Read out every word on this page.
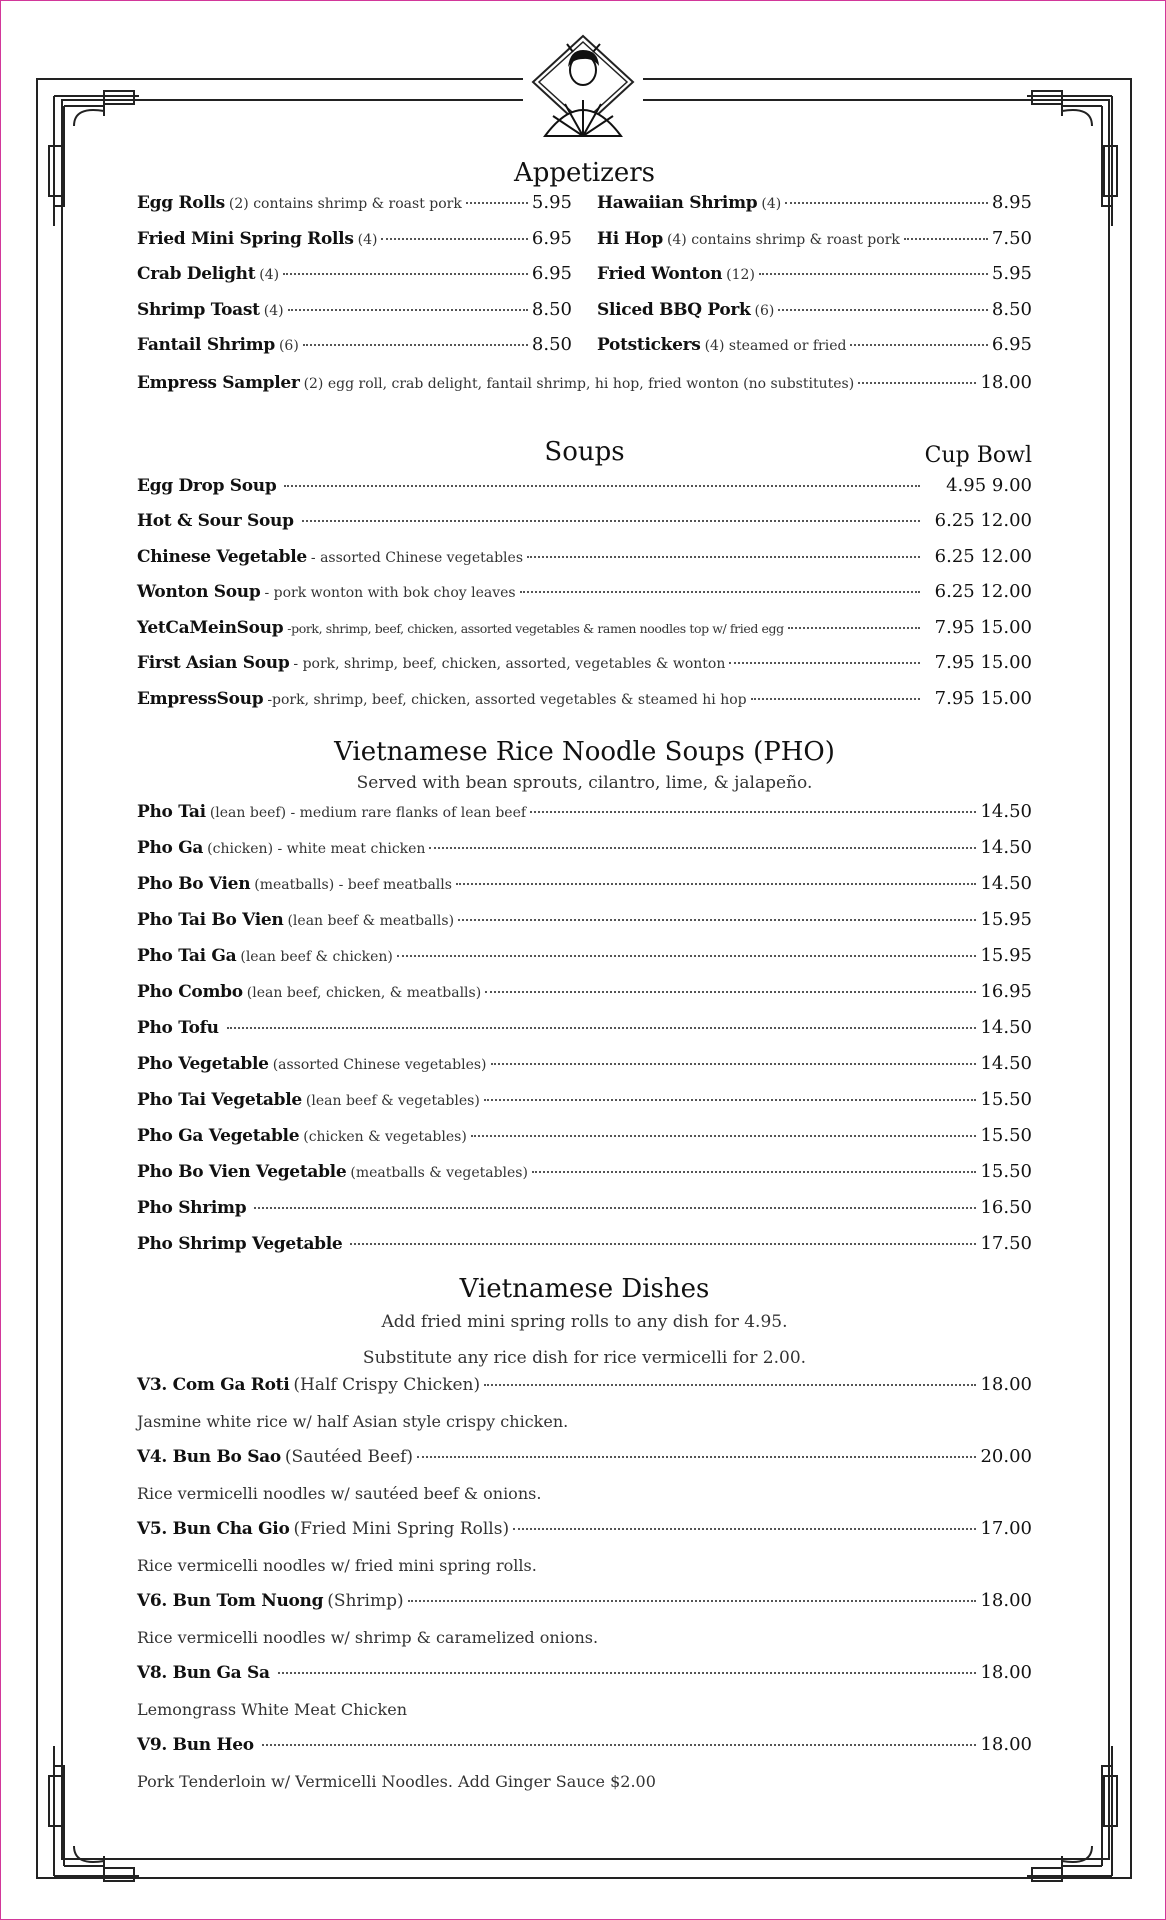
Appetizers
Egg Rolls (2) contains shrimp & roast pork	5.95 Hawaiian Shrimp (4)	8.95
Fried Mini Spring Rolls (4)	6.95 Hi Hop (4) contains shrimp & roast pork	7.50
Crab Delight (4)	6.95 Fried Wonton (12)	5.95
Shrimp Toast (4)	8.50 Sliced BBQ Pork (6)	8.50
Fantail Shrimp (6)	8.50 Potstickers (4) steamed or fried	6.95
Empress Sampler (2) egg roll, crab delight, fantail shrimp, hi hop, fried wonton (no substitutes)	18.00
Soups	Cup Bowl
Egg Drop Soup	4.95 9.00
Hot & Sour Soup	6.25 12.00
Chinese Vegetable - assorted Chinese vegetables	6.25 12.00
Wonton Soup - pork wonton with bok choy leaves	6.25 12.00
YetCaMeinSoup -pork, shrimp, beef, chicken, assorted vegetables & ramen noodles top w/ fried egg	7.95 15.00
First Asian Soup - pork, shrimp, beef, chicken, assorted, vegetables & wonton	7.95 15.00
EmpressSoup -pork, shrimp, beef, chicken, assorted vegetables & steamed hi hop	7.95 15.00
Vietnamese Rice Noodle Soups (PHO)
Served with bean sprouts, cilantro, lime, & jalapeño.
Pho Tai (lean beef) - medium rare flanks of lean beef	14.50
Pho Ga (chicken) - white meat chicken	14.50
Pho Bo Vien (meatballs) - beef meatballs	14.50
Pho Tai Bo Vien (lean beef & meatballs)	15.95
Pho Tai Ga (lean beef & chicken)	15.95
Pho Combo (lean beef, chicken, & meatballs)	16.95
Pho Tofu	14.50
Pho Vegetable (assorted Chinese vegetables)	14.50
Pho Tai Vegetable (lean beef & vegetables)	15.50
Pho Ga Vegetable (chicken & vegetables)	15.50
Pho Bo Vien Vegetable (meatballs & vegetables)	15.50
Pho Shrimp	16.50
Pho Shrimp Vegetable	17.50
Vietnamese Dishes
Add fried mini spring rolls to any dish for 4.95.
Substitute any rice dish for rice vermicelli for 2.00.
V3. Com Ga Roti (Half Crispy Chicken)	18.00
Jasmine white rice w/ half Asian style crispy chicken.
V4. Bun Bo Sao (Sautéed Beef)	20.00
Rice vermicelli noodles w/ sautéed beef & onions.
V5. Bun Cha Gio (Fried Mini Spring Rolls)	17.00
Rice vermicelli noodles w/ fried mini spring rolls.
V6. Bun Tom Nuong (Shrimp)	18.00
Rice vermicelli noodles w/ shrimp & caramelized onions.
V8. Bun Ga Sa	18.00
Lemongrass White Meat Chicken
V9. Bun Heo	18.00
Pork Tenderloin w/ Vermicelli Noodles. Add Ginger Sauce $2.00
